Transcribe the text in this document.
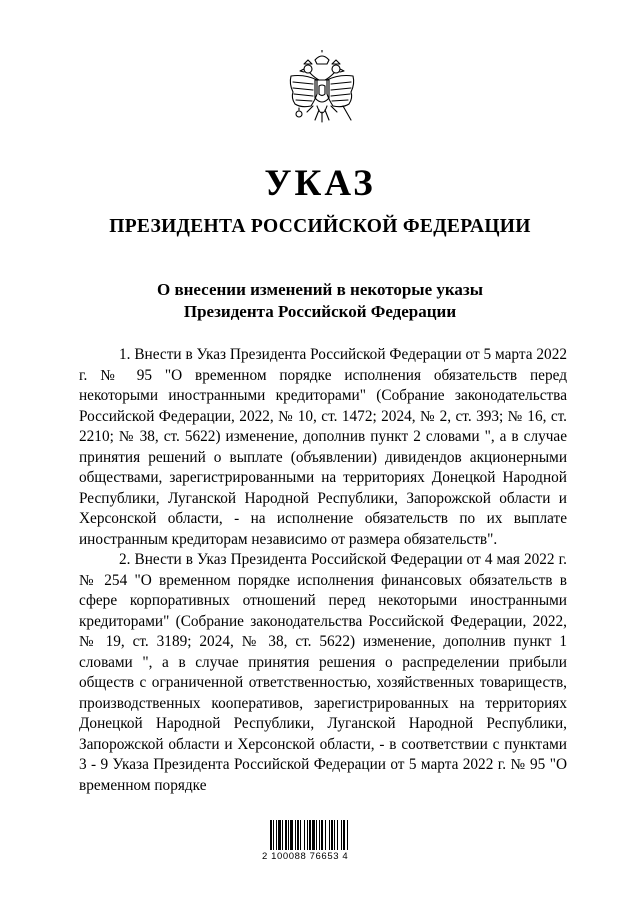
УКАЗ
ПРЕЗИДЕНТА РОССИЙСКОЙ ФЕДЕРАЦИИ
О внесении изменений в некоторые указы
Президента Российской Федерации

1. Внести в Указ Президента Российской Федерации от 5 марта 2022 г. № 95 "О временном порядке исполнения обязательств перед некоторыми иностранными кредиторами" (Собрание законодательства Российской Федерации, 2022, № 10, ст. 1472; 2024, № 2, ст. 393; № 16, ст. 2210; № 38, ст. 5622) изменение, дополнив пункт 2 словами ", а в случае принятия решений о выплате (объявлении) дивидендов акционерными обществами, зарегистрированными на территориях Донецкой Народной Республики, Луганской Народной Республики, Запорожской области и Херсонской области, - на исполнение обязательств по их выплате иностранным кредиторам независимо от размера обязательств".

2. Внести в Указ Президента Российской Федерации от 4 мая 2022 г. № 254 "О временном порядке исполнения финансовых обязательств в сфере корпоративных отношений перед некоторыми иностранными кредиторами" (Собрание законодательства Российской Федерации, 2022, № 19, ст. 3189; 2024, № 38, ст. 5622) изменение, дополнив пункт 1 словами ", а в случае принятия решения о распределении прибыли обществ с ограниченной ответственностью, хозяйственных товариществ, производственных кооперативов, зарегистрированных на территориях Донецкой Народной Республики, Луганской Народной Республики, Запорожской области и Херсонской области, - в соответствии с пунктами 3 - 9 Указа Президента Российской Федерации от 5 марта 2022 г. № 95 "О временном порядке

2 100088 76653 4
